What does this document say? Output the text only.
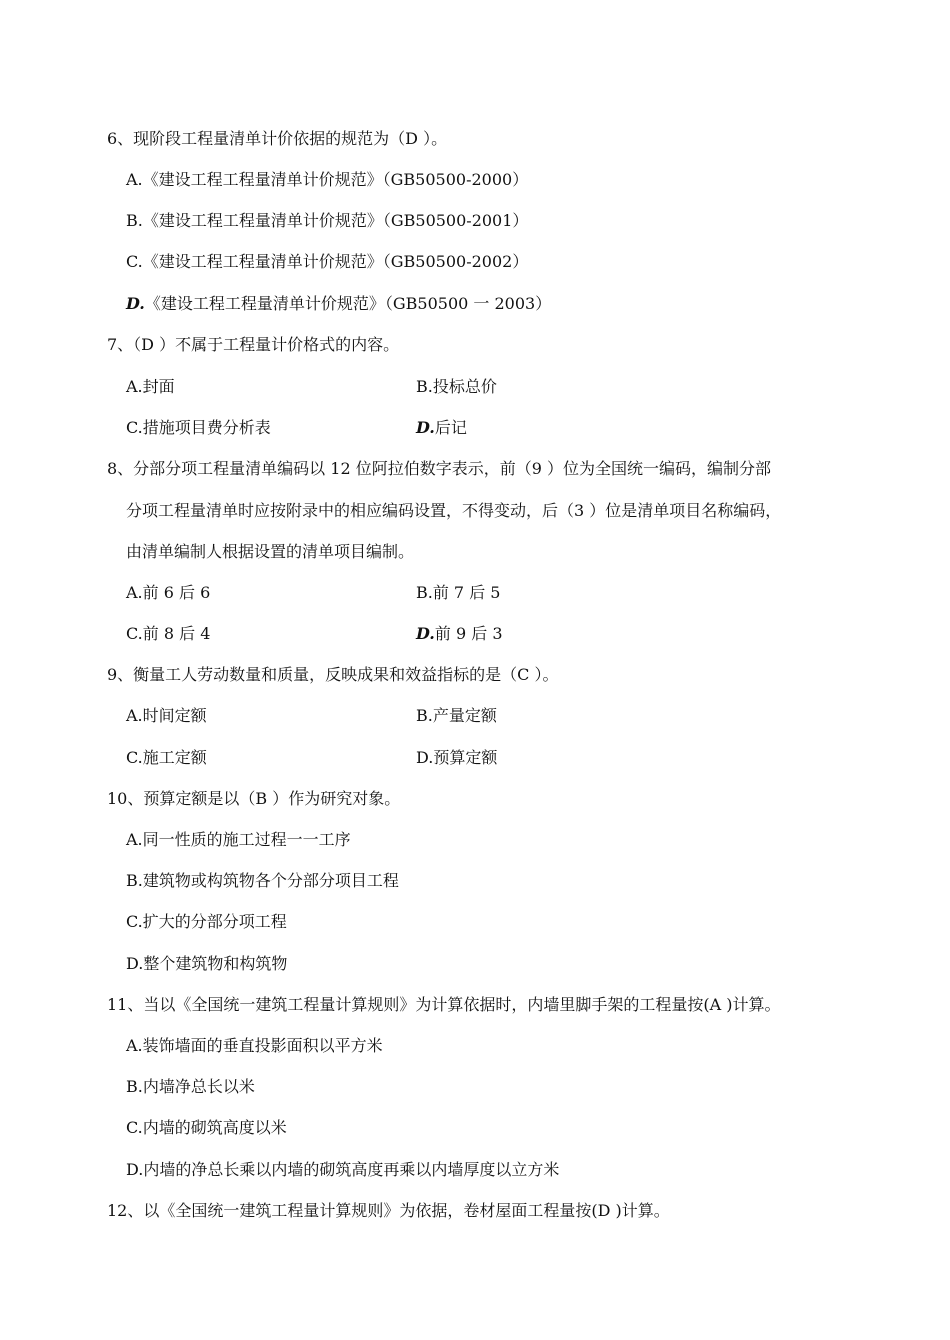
6、现阶段工程量清单计价依据的规范为（D ）。
A.《建设工程工程量清单计价规范》（GB50500-2000）
B.《建设工程工程量清单计价规范》（GB50500-2001）
C.《建设工程工程量清单计价规范》（GB50500-2002）
D.《建设工程工程量清单计价规范》（GB50500 一 2003）
7、（D ）不属于工程量计价格式的内容。
A.封面	B.投标总价
C.措施项目费分析表	D.后记
8、分部分项工程量清单编码以 12 位阿拉伯数字表示，前（9 ）位为全国统一编码，编制分部
分项工程量清单时应按附录中的相应编码设置，不得变动，后（3 ）位是清单项目名称编码，
由清单编制人根据设置的清单项目编制。
A.前 6 后 6	B.前 7 后 5
C.前 8 后 4	D.前 9 后 3
9、衡量工人劳动数量和质量，反映成果和效益指标的是（C ）。
A.时间定额	B.产量定额
C.施工定额	D.预算定额
10、预算定额是以（B ）作为研究对象。
A.同一性质的施工过程一一工序
B.建筑物或构筑物各个分部分项目工程
C.扩大的分部分项工程
D.整个建筑物和构筑物
11、当以《全国统一建筑工程量计算规则》为计算依据时，内墙里脚手架的工程量按(A )计算。
A.装饰墙面的垂直投影面积以平方米
B.内墙净总长以米
C.内墙的砌筑高度以米
D.内墙的净总长乘以内墙的砌筑高度再乘以内墙厚度以立方米
12、以《全国统一建筑工程量计算规则》为依据，卷材屋面工程量按(D )计算。
